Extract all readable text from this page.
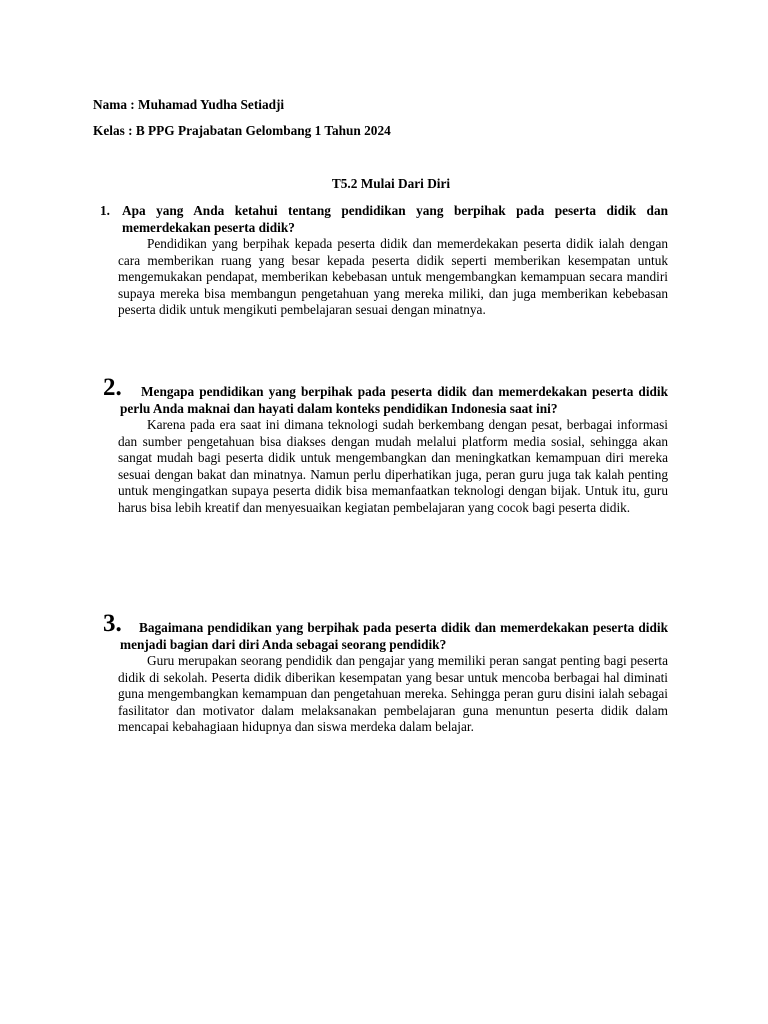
Nama : Muhamad Yudha Setiadji
Kelas : B PPG Prajabatan Gelombang 1 Tahun 2024
T5.2 Mulai Dari Diri
1. Apa yang Anda ketahui tentang pendidikan yang berpihak pada peserta didik dan memerdekakan peserta didik?
Pendidikan yang berpihak kepada peserta didik dan memerdekakan peserta didik ialah dengan cara memberikan ruang yang besar kepada peserta didik seperti memberikan kesempatan untuk mengemukakan pendapat, memberikan kebebasan untuk mengembangkan kemampuan secara mandiri supaya mereka bisa membangun pengetahuan yang mereka miliki, dan juga memberikan kebebasan peserta didik untuk mengikuti pembelajaran sesuai dengan minatnya.
2.	Mengapa pendidikan yang berpihak pada peserta didik dan memerdekakan peserta didik perlu Anda maknai dan hayati dalam konteks pendidikan Indonesia saat ini?
Karena pada era saat ini dimana teknologi sudah berkembang dengan pesat, berbagai informasi dan sumber pengetahuan bisa diakses dengan mudah melalui platform media sosial, sehingga akan sangat mudah bagi peserta didik untuk mengembangkan dan meningkatkan kemampuan diri mereka sesuai dengan bakat dan minatnya. Namun perlu diperhatikan juga, peran guru juga tak kalah penting untuk mengingatkan supaya peserta didik bisa memanfaatkan teknologi dengan bijak. Untuk itu, guru harus bisa lebih kreatif dan menyesuaikan kegiatan pembelajaran yang cocok bagi peserta didik.
3.	Bagaimana pendidikan yang berpihak pada peserta didik dan memerdekakan peserta didik menjadi bagian dari diri Anda sebagai seorang pendidik?
Guru merupakan seorang pendidik dan pengajar yang memiliki peran sangat penting bagi peserta didik di sekolah. Peserta didik diberikan kesempatan yang besar untuk mencoba berbagai hal diminati guna mengembangkan kemampuan dan pengetahuan mereka. Sehingga peran guru disini ialah sebagai fasilitator dan motivator dalam melaksanakan pembelajaran guna menuntun peserta didik dalam mencapai kebahagiaan hidupnya dan siswa merdeka dalam belajar.
